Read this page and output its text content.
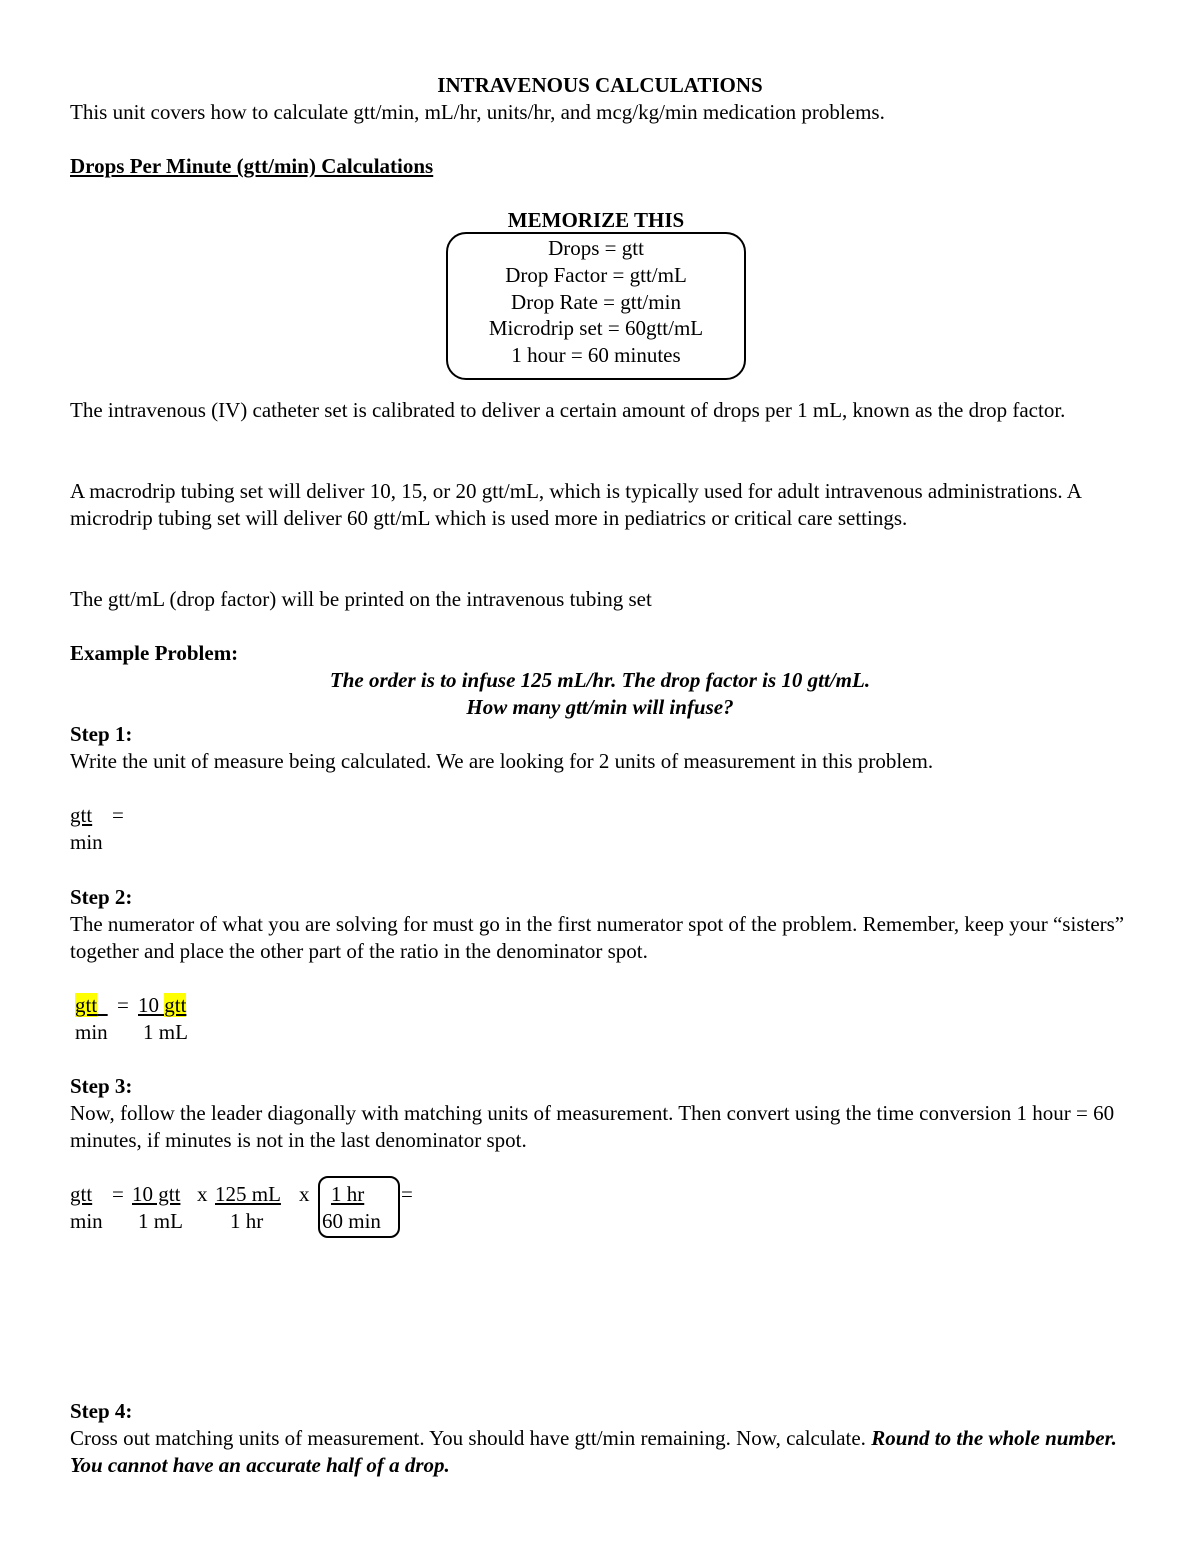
INTRAVENOUS CALCULATIONS
This unit covers how to calculate gtt/min, mL/hr, units/hr, and mcg/kg/min medication problems.
Drops Per Minute (gtt/min) Calculations
MEMORIZE THIS
Drops = gtt
Drop Factor = gtt/mL
Drop Rate = gtt/min
Microdrip set = 60gtt/mL
1 hour = 60 minutes
The intravenous (IV) catheter set is calibrated to deliver a certain amount of drops per 1 mL, known as the drop factor.
A macrodrip tubing set will deliver 10, 15, or 20 gtt/mL, which is typically used for adult intravenous administrations. A microdrip tubing set will deliver 60 gtt/mL which is used more in pediatrics or critical care settings.
The gtt/mL (drop factor) will be printed on the intravenous tubing set
Example Problem:
The order is to infuse 125 mL/hr. The drop factor is 10 gtt/mL.
How many gtt/min will infuse?
Step 1:
Write the unit of measure being calculated. We are looking for 2 units of measurement in this problem.
gtt =
min
Step 2:
The numerator of what you are solving for must go in the first numerator spot of the problem. Remember, keep your “sisters” together and place the other part of the ratio in the denominator spot.
gtt = 10 gtt
min 1 mL
Step 3:
Now, follow the leader diagonally with matching units of measurement. Then convert using the time conversion 1 hour = 60 minutes, if minutes is not in the last denominator spot.
gtt = 10 gtt x 125 mL x 1 hr	=
min 1 mL 1 hr	60 min
Step 4:
Cross out matching units of measurement. You should have gtt/min remaining. Now, calculate. Round to the whole number. You cannot have an accurate half of a drop.
